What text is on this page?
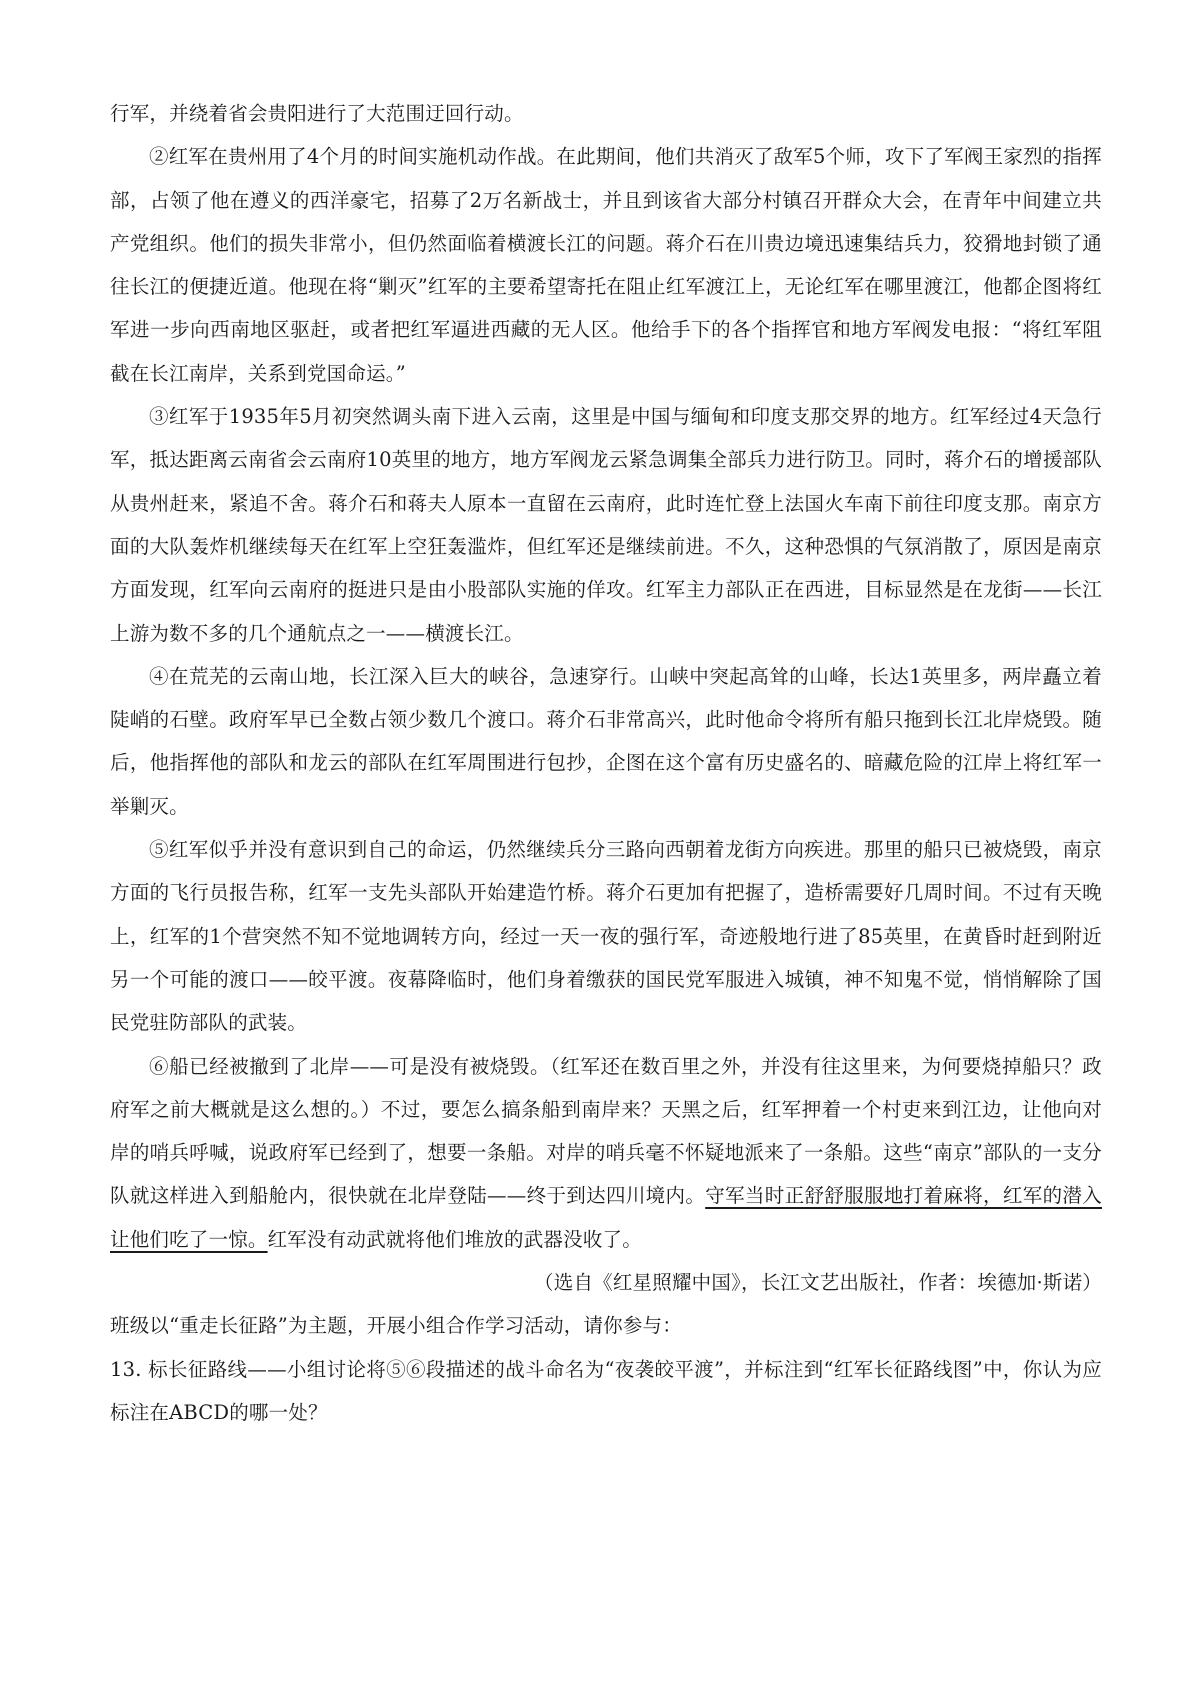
行军，并绕着省会贵阳进行了大范围迂回行动。

②红军在贵州用了4个月的时间实施机动作战。在此期间，他们共消灭了敌军5个师，攻下了军阀王家烈的指挥部，占领了他在遵义的西洋豪宅，招募了2万名新战士，并且到该省大部分村镇召开群众大会，在青年中间建立共产党组织。他们的损失非常小，但仍然面临着横渡长江的问题。蒋介石在川贵边境迅速集结兵力，狡猾地封锁了通往长江的便捷近道。他现在将“剿灭”红军的主要希望寄托在阻止红军渡江上，无论红军在哪里渡江，他都企图将红军进一步向西南地区驱赶，或者把红军逼进西藏的无人区。他给手下的各个指挥官和地方军阀发电报：“将红军阻截在长江南岸，关系到党国命运。”

③红军于1935年5月初突然调头南下进入云南，这里是中国与缅甸和印度支那交界的地方。红军经过4天急行军，抵达距离云南省会云南府10英里的地方，地方军阀龙云紧急调集全部兵力进行防卫。同时，蒋介石的增援部队从贵州赶来，紧追不舍。蒋介石和蒋夫人原本一直留在云南府，此时连忙登上法国火车南下前往印度支那。南京方面的大队轰炸机继续每天在红军上空狂轰滥炸，但红军还是继续前进。不久，这种恐惧的气氛消散了，原因是南京方面发现，红军向云南府的挺进只是由小股部队实施的佯攻。红军主力部队正在西进，目标显然是在龙街——长江上游为数不多的几个通航点之一——横渡长江。

④在荒芜的云南山地，长江深入巨大的峡谷，急速穿行。山峡中突起高耸的山峰，长达1英里多，两岸矗立着陡峭的石壁。政府军早已全数占领少数几个渡口。蒋介石非常高兴，此时他命令将所有船只拖到长江北岸烧毁。随后，他指挥他的部队和龙云的部队在红军周围进行包抄，企图在这个富有历史盛名的、暗藏危险的江岸上将红军一举剿灭。

⑤红军似乎并没有意识到自己的命运，仍然继续兵分三路向西朝着龙街方向疾进。那里的船只已被烧毁，南京方面的飞行员报告称，红军一支先头部队开始建造竹桥。蒋介石更加有把握了，造桥需要好几周时间。不过有天晚上，红军的1个营突然不知不觉地调转方向，经过一天一夜的强行军，奇迹般地行进了85英里，在黄昏时赶到附近另一个可能的渡口——皎平渡。夜幕降临时，他们身着缴获的国民党军服进入城镇，神不知鬼不觉，悄悄解除了国民党驻防部队的武装。

⑥船已经被撤到了北岸——可是没有被烧毁。（红军还在数百里之外，并没有往这里来，为何要烧掉船只？政府军之前大概就是这么想的。）不过，要怎么搞条船到南岸来？天黑之后，红军押着一个村吏来到江边，让他向对岸的哨兵呼喊，说政府军已经到了，想要一条船。对岸的哨兵毫不怀疑地派来了一条船。这些“南京”部队的一支分队就这样进入到船舱内，很快就在北岸登陆——终于到达四川境内。守军当时正舒舒服服地打着麻将，红军的潜入让他们吃了一惊。红军没有动武就将他们堆放的武器没收了。

（选自《红星照耀中国》，长江文艺出版社，作者：埃德加·斯诺）

班级以“重走长征路”为主题，开展小组合作学习活动，请你参与：

13. 标长征路线——小组讨论将⑤⑥段描述的战斗命名为“夜袭皎平渡”，并标注到“红军长征路线图”中，你认为应标注在ABCD的哪一处？
